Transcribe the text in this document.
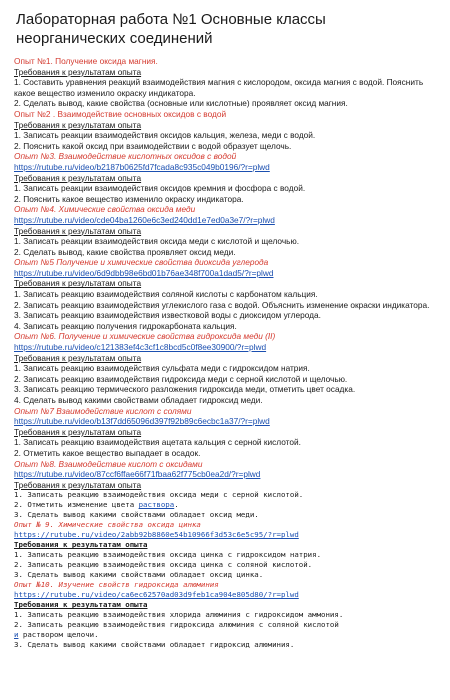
Лабораторная работа №1 Основные классы неорганических соединений
Опыт №1. Получение оксида магния.
Требования к результатам опыта
1. Составить уравнения реакций взаимодействия магния с кислородом, оксида магния с водой. Пояснить какое вещество изменило окраску индикатора.
2. Сделать вывод, какие свойства (основные или кислотные) проявляет оксид магния.
Опыт №2 . Взаимодействие основных оксидов с водой
Требования к результатам опыта
1. Записать реакции взаимодействия оксидов кальция, железа, меди с водой.
2. Пояснить какой оксид при взаимодействии с водой образует щелочь.
Опыт №3. Взаимодействие кислотных оксидов с водой
https://rutube.ru/video/b2187b0625fd7fcada8c935c049b0196/?r=plwd
Требования к результатам опыта
1. Записать реакции взаимодействия оксидов кремния и фосфора с водой.
2. Пояснить какое вещество изменило окраску индикатора.
Опыт №4. Химические свойства оксида меди
https://rutube.ru/video/cde04ba1260e6c3ed240dd1e7ed0a3e7/?r=plwd
Требования к результатам опыта
1. Записать реакции взаимодействия оксида меди с кислотой и щелочью.
2. Сделать вывод, какие свойства проявляет оксид меди.
Опыт №5 Получение и химические свойства диоксида углерода
https://rutube.ru/video/6d9dbb98e6bd01b76ae348f700a1dad5/?r=plwd
Требования к результатам опыта
1. Записать реакцию взаимодействия соляной кислоты с карбонатом кальция.
2. Записать реакцию взаимодействия углекислого газа с водой. Объяснить изменение окраски индикатора.
3. Записать реакцию взаимодействия известковой воды с диоксидом углерода.
4. Записать реакцию получения гидрокарбоната кальция.
Опыт №6. Получение и химические свойства гидроксида меди (II)
https://rutube.ru/video/c121383ef4c3cf1c8bcd5c0f8ee30900/?r=plwd
Требования к результатам опыта
1. Записать реакцию взаимодействия сульфата меди с гидроксидом натрия.
2. Записать реакцию взаимодействия гидроксида меди с серной кислотой и щелочью.
3. Записать реакцию термического разложения гидроксида меди, отметить цвет осадка.
4. Сделать вывод какими свойствами обладает гидроксид меди.
Опыт №7 Взаимодействие кислот с солями
https://rutube.ru/video/b13f7dd65096d397f92b89c6ecbc1a37/?r=plwd
Требования к результатам опыта
1. Записать реакцию взаимодействия ацетата кальция с серной кислотой.
2. Отметить какое вещество выпадает в осадок.
Опыт №8. Взаимодействие кислот с оксидами
https://rutube.ru/video/87ccf6ffae66f71fbaa62f775cb0ea2d/?r=plwd
Требования к результатам опыта
1. Записать реакцию взаимодействия оксида меди с серной кислотой.
2. Отметить изменение цвета раствора.
3. Сделать вывод какими свойствами обладает оксид меди.
Опыт № 9. Химические свойства оксида цинка
https://rutube.ru/video/2abb92b8860e54b10966f3d53c6e5c95/?r=plwd
Требования к результатам опыта
1. Записать реакцию взаимодействия оксида цинка с гидроксидом натрия.
2. Записать реакцию взаимодействия оксида цинка с соляной кислотой.
3. Сделать вывод какими свойствами обладает оксид цинка.
Опыт №10. Изучение свойств гидроксида алюминия
https://rutube.ru/video/ca6ec62570ad03d9feb1ca904e805d80/?r=plwd
Требования к результатам опыта
1. Записать реакцию взаимодействия хлорида алюминия с гидроксидом аммония.
2. Записать реакцию взаимодействия гидроксида алюминия с соляной кислотой
и раствором щелочи.
3. Сделать вывод какими свойствами обладает гидроксид алюминия.
